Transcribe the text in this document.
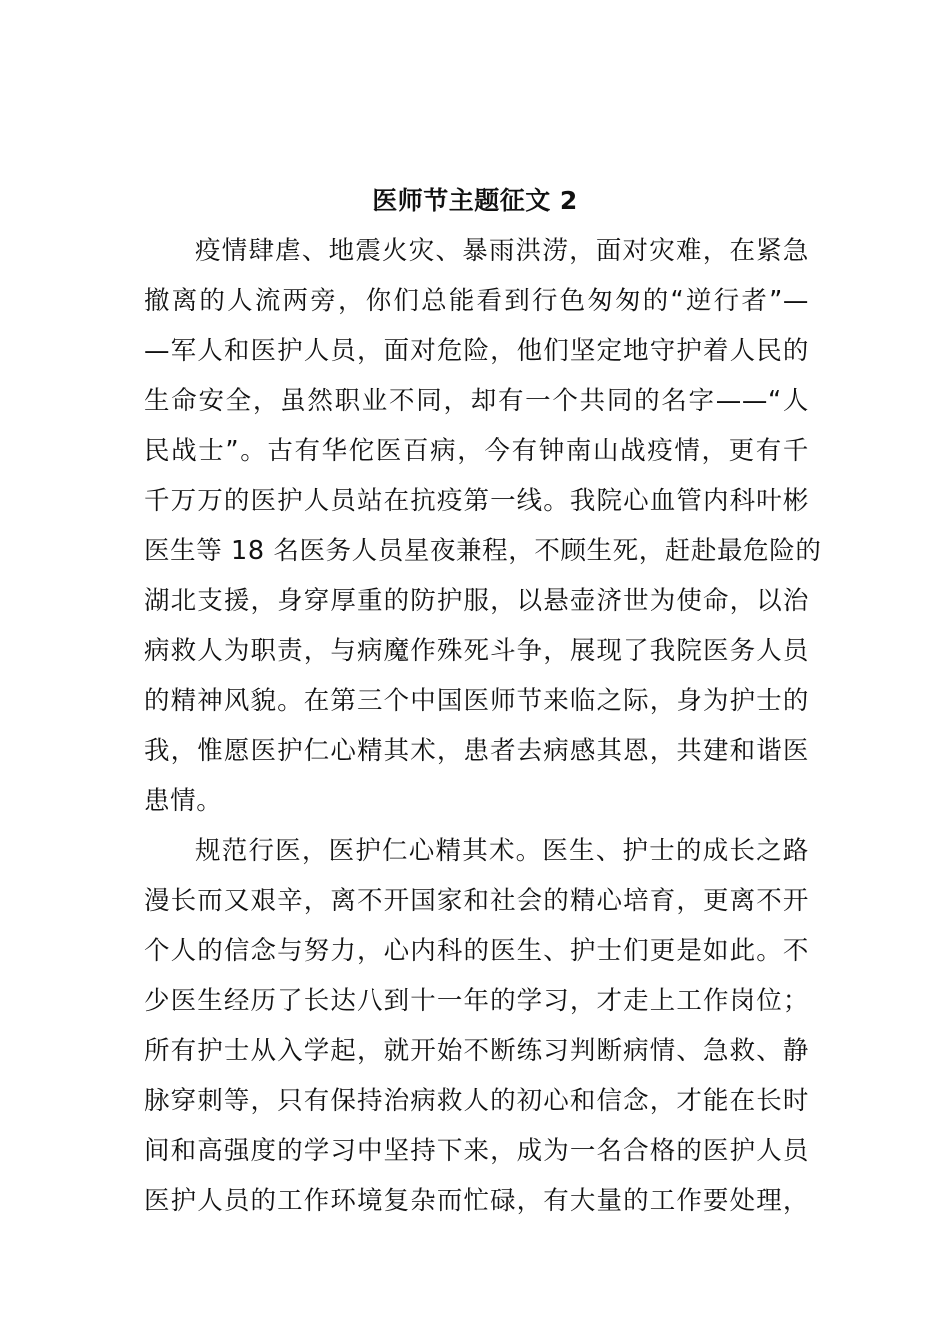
医师节主题征文 2
疫情肆虐、地震火灾、暴雨洪涝，面对灾难，在紧急
撤离的人流两旁，你们总能看到行色匆匆的“逆行者”—
—军人和医护人员，面对危险，他们坚定地守护着人民的
生命安全，虽然职业不同，却有一个共同的名字——“人
民战士”。古有华佗医百病，今有钟南山战疫情，更有千
千万万的医护人员站在抗疫第一线。我院心血管内科叶彬
医生等 18 名医务人员星夜兼程，不顾生死，赶赴最危险的
湖北支援，身穿厚重的防护服，以悬壶济世为使命，以治
病救人为职责，与病魔作殊死斗争，展现了我院医务人员
的精神风貌。在第三个中国医师节来临之际，身为护士的
我，惟愿医护仁心精其术，患者去病感其恩，共建和谐医
患情。
规范行医，医护仁心精其术。医生、护士的成长之路
漫长而又艰辛，离不开国家和社会的精心培育，更离不开
个人的信念与努力，心内科的医生、护士们更是如此。不
少医生经历了长达八到十一年的学习，才走上工作岗位；
所有护士从入学起，就开始不断练习判断病情、急救、静
脉穿刺等，只有保持治病救人的初心和信念，才能在长时
间和高强度的学习中坚持下来，成为一名合格的医护人员
医护人员的工作环境复杂而忙碌，有大量的工作要处理，
